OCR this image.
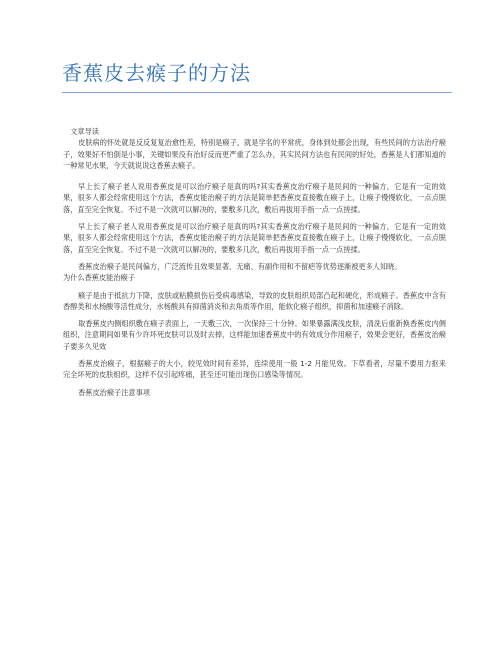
香蕉皮去瘊子的方法

文章导读

皮肤病的怀处就是反反复复治愈性差，特别是瘊子，就是学名的平常疣，身体到处都会出现，有些民间的方法治疗瘊子，效果好不怕倒是小事，关键如果没有治好反而更严重了怎么办，其实民间方法也有民间的好处，香蕉是人们都知道的一种常见水果，今天就说说这香蕉去瘊子。

早上长了瘊子老人说用香蕉皮是可以治疗瘊子是真的吗?其实香蕉皮治疗瘊子是民间的一种偏方，它是有一定的效果，很多人都会经常使用这个方法，香蕉皮能治瘊子的方法是简单把香蕉皮直接敷在瘊子上，让瘊子慢慢软化，一点点脱落，直至完全恢复。不过不是一次就可以解决的，要敷多几次，敷后再拔用手指一点一点搓揉。

早上长了瘊子老人说用香蕉皮是可以治疗瘊子是真的吗?其实香蕉皮治疗瘊子是民间的一种偏方，它是有一定的效果，很多人都会经常使用这个方法，香蕉皮能治瘊子的方法是简单把香蕉皮直接敷在瘊子上，让瘊子慢慢软化，一点点脱落，直至完全恢复。不过不是一次就可以解决的，要敷多几次，敷后再拔用手指一点一点搓揉。

香蕉皮治瘊子是民间偏方，广泛流传且效果显著，无痛、有副作用和不留疤等优势逐渐被更多人知晓。

为什么香蕉皮能治瘊子

瘊子是由于抵抗力下降，皮肤或粘膜损伤后受病毒感染，导致的皮肤组织局部凸起和硬化，形成瘊子。香蕉皮中含有香醇类和水杨酸等活性成分，水杨酸具有抑菌消炎和去角质等作用，能软化瘊子组织，抑菌和加速瘊子消除。

取香蕉皮内侧组织敷在瘊子表面上，一天敷三次，一次保持三十分钟。如果暴露满浅皮肤，清洗后重新换香蕉皮内侧组织，注意期间如果有少许坏死皮肤可以及时去掉，这样能加速香蕉皮中的有效成分作用瘊子，效果会更好，香蕉皮治瘊子要多久见效

香蕉皮治瘊子，根据瘊子的大小，较见效时间有差异，连续使用一般 1-2 月能见效。下草看者，尽量不要用力抠来完全坏死的皮肤组织，这样不仅引起疼痛，甚至还可能出现伤口感染等情况。

香蕉皮治瘊子注意事项
